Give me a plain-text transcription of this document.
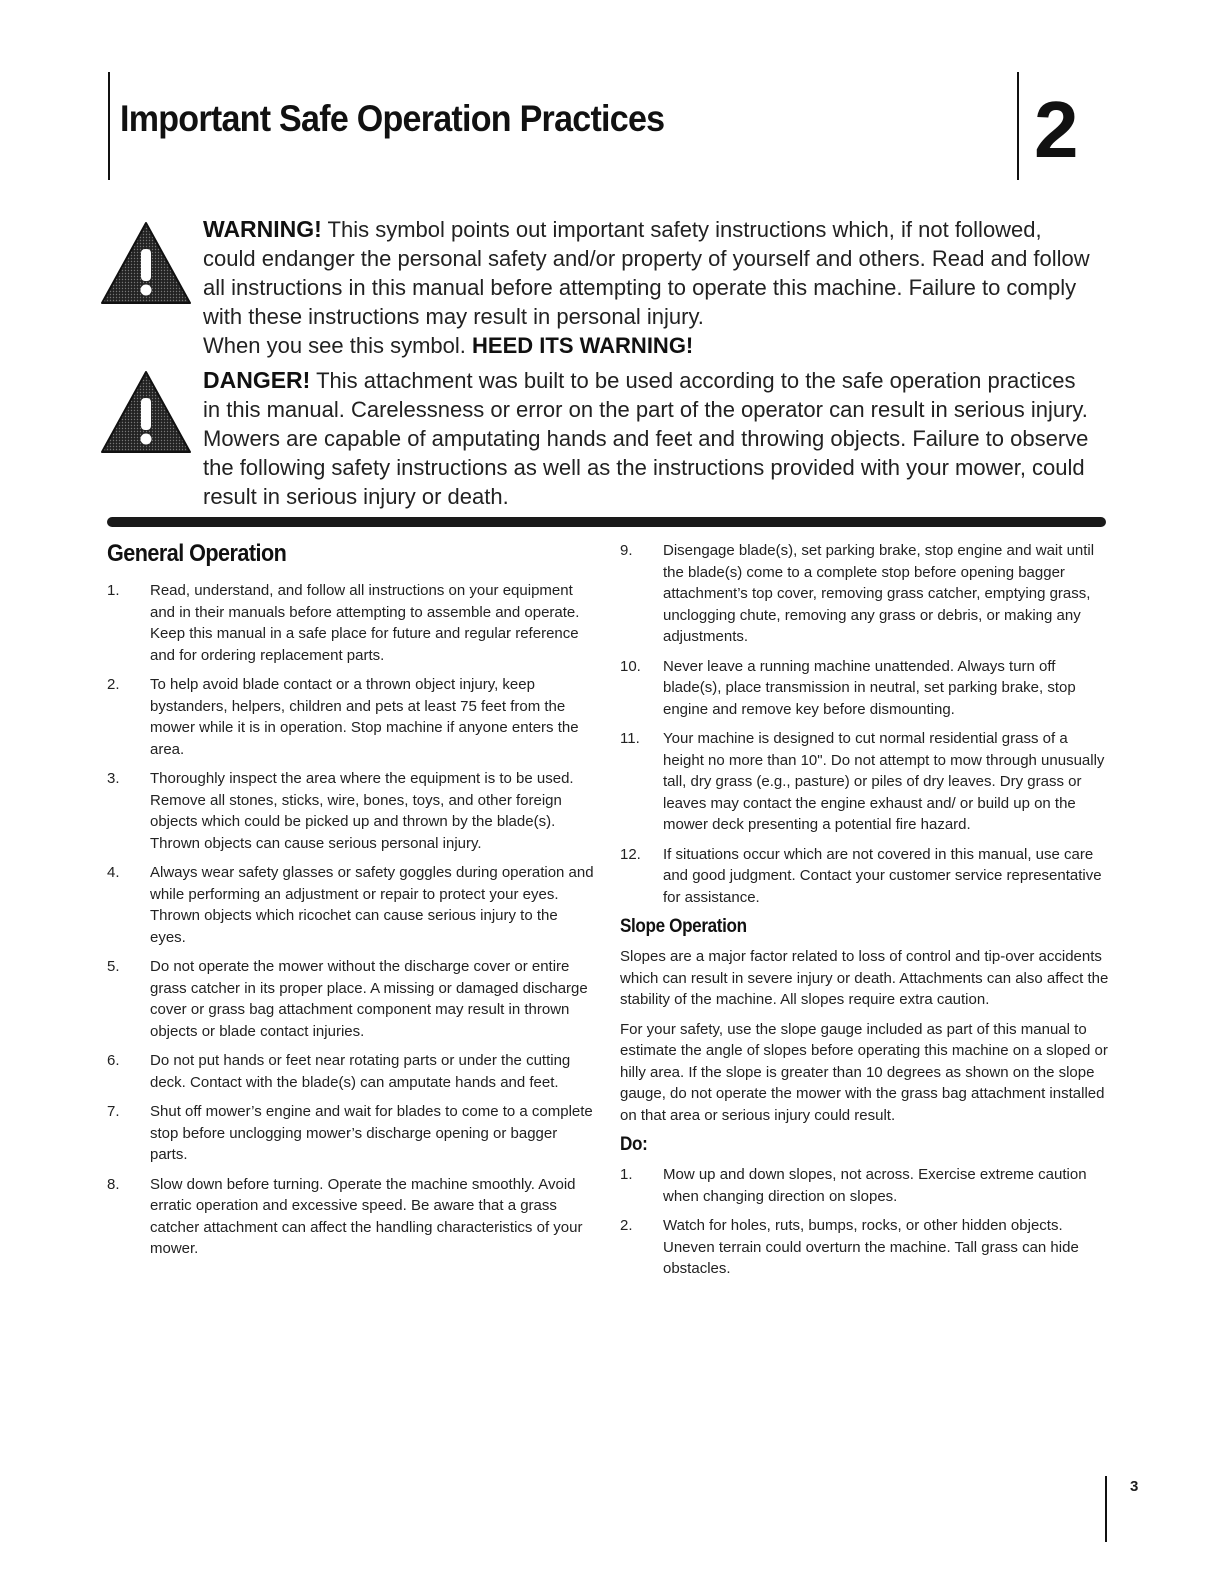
Important Safe Operation Practices	2

WARNING! This symbol points out important safety instructions which, if not followed, could endanger the personal safety and/or property of yourself and others. Read and follow all instructions in this manual before attempting to operate this machine. Failure to comply with these instructions may result in personal injury.
When you see this symbol. HEED ITS WARNING!

DANGER! This attachment was built to be used according to the safe operation practices in this manual. Carelessness or error on the part of the operator can result in serious injury. Mowers are capable of amputating hands and feet and throwing objects. Failure to observe the following safety instructions as well as the instructions provided with your mower, could result in serious injury or death.

General Operation
1. Read, understand, and follow all instructions on your equipment and in their manuals before attempting to assemble and operate. Keep this manual in a safe place for future and regular reference and for ordering replacement parts.
2. To help avoid blade contact or a thrown object injury, keep bystanders, helpers, children and pets at least 75 feet from the mower while it is in operation. Stop machine if anyone enters the area.
3. Thoroughly inspect the area where the equipment is to be used. Remove all stones, sticks, wire, bones, toys, and other foreign objects which could be picked up and thrown by the blade(s). Thrown objects can cause serious personal injury.
4. Always wear safety glasses or safety goggles during operation and while performing an adjustment or repair to protect your eyes. Thrown objects which ricochet can cause serious injury to the eyes.
5. Do not operate the mower without the discharge cover or entire grass catcher in its proper place. A missing or damaged discharge cover or grass bag attachment component may result in thrown objects or blade contact injuries.
6. Do not put hands or feet near rotating parts or under the cutting deck. Contact with the blade(s) can amputate hands and feet.
7. Shut off mower’s engine and wait for blades to come to a complete stop before unclogging mower’s discharge opening or bagger parts.
8. Slow down before turning. Operate the machine smoothly. Avoid erratic operation and excessive speed. Be aware that a grass catcher attachment can affect the handling characteristics of your mower.
9. Disengage blade(s), set parking brake, stop engine and wait until the blade(s) come to a complete stop before opening bagger attachment’s top cover, removing grass catcher, emptying grass, unclogging chute, removing any grass or debris, or making any adjustments.
10. Never leave a running machine unattended. Always turn off blade(s), place transmission in neutral, set parking brake, stop engine and remove key before dismounting.
11. Your machine is designed to cut normal residential grass of a height no more than 10". Do not attempt to mow through unusually tall, dry grass (e.g., pasture) or piles of dry leaves. Dry grass or leaves may contact the engine exhaust and/ or build up on the mower deck presenting a potential fire hazard.
12. If situations occur which are not covered in this manual, use care and good judgment. Contact your customer service representative for assistance.
Slope Operation

Slopes are a major factor related to loss of control and tip-over accidents which can result in severe injury or death. Attachments can also affect the stability of the machine. All slopes require extra caution.

For your safety, use the slope gauge included as part of this manual to estimate the angle of slopes before operating this machine on a sloped or hilly area. If the slope is greater than 10 degrees as shown on the slope gauge, do not operate the mower with the grass bag attachment installed on that area or serious injury could result.

Do:
1. Mow up and down slopes, not across. Exercise extreme caution when changing direction on slopes.
2. Watch for holes, ruts, bumps, rocks, or other hidden objects. Uneven terrain could overturn the machine. Tall grass can hide obstacles.
3
